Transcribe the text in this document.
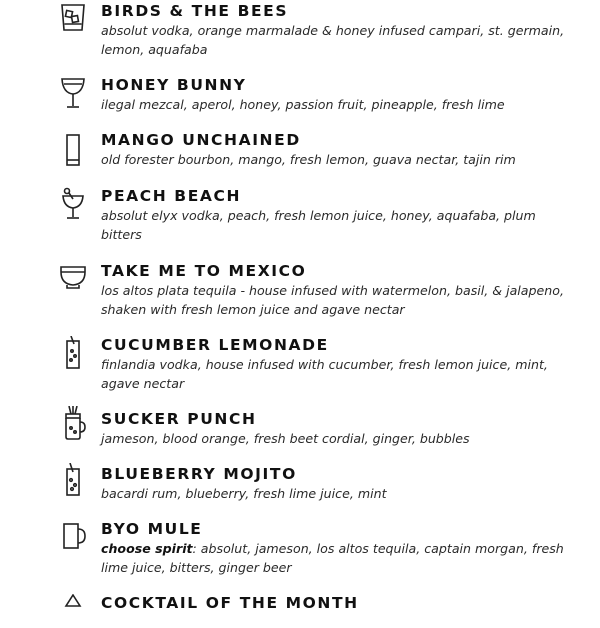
BIRDS & THE BEES

absolut vodka, orange marmalade & honey infused campari, st. germain, lemon, aquafaba

HONEY BUNNY

ilegal mezcal, aperol, honey, passion fruit, pineapple, fresh lime

MANGO UNCHAINED

old forester bourbon, mango, fresh lemon, guava nectar, tajin rim

PEACH BEACH

absolut elyx vodka, peach, fresh lemon juice, honey, aquafaba, plum bitters

TAKE ME TO MEXICO

los altos plata tequila - house infused with watermelon, basil, & jalapeno, shaken with fresh lemon juice and agave nectar

CUCUMBER LEMONADE

finlandia vodka, house infused with cucumber, fresh lemon juice, mint, agave nectar

SUCKER PUNCH

jameson, blood orange, fresh beet cordial, ginger, bubbles

BLUEBERRY MOJITO

bacardi rum, blueberry, fresh lime juice, mint

BYO MULE

choose spirit: absolut, jameson, los altos tequila, captain morgan, fresh lime juice, bitters, ginger beer

COCKTAIL OF THE MONTH
